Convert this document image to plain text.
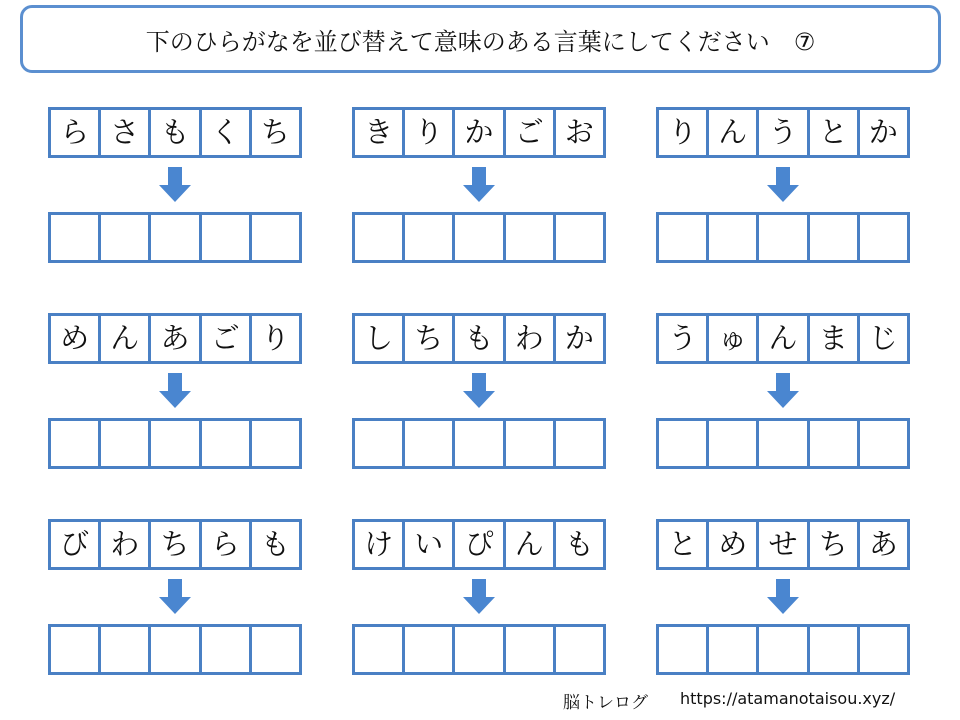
下のひらがなを並び替えて意味のある言葉にしてください　⑦
ら さ も く ち	き り か ご お	り ん う と か
め ん あ ご り	し ち も わ か	う ゅ ん ま じ
び わ ち ら も	け い ぴ ん も	と め せ ち あ
脳トレログ https://atamanotaisou.xyz/
